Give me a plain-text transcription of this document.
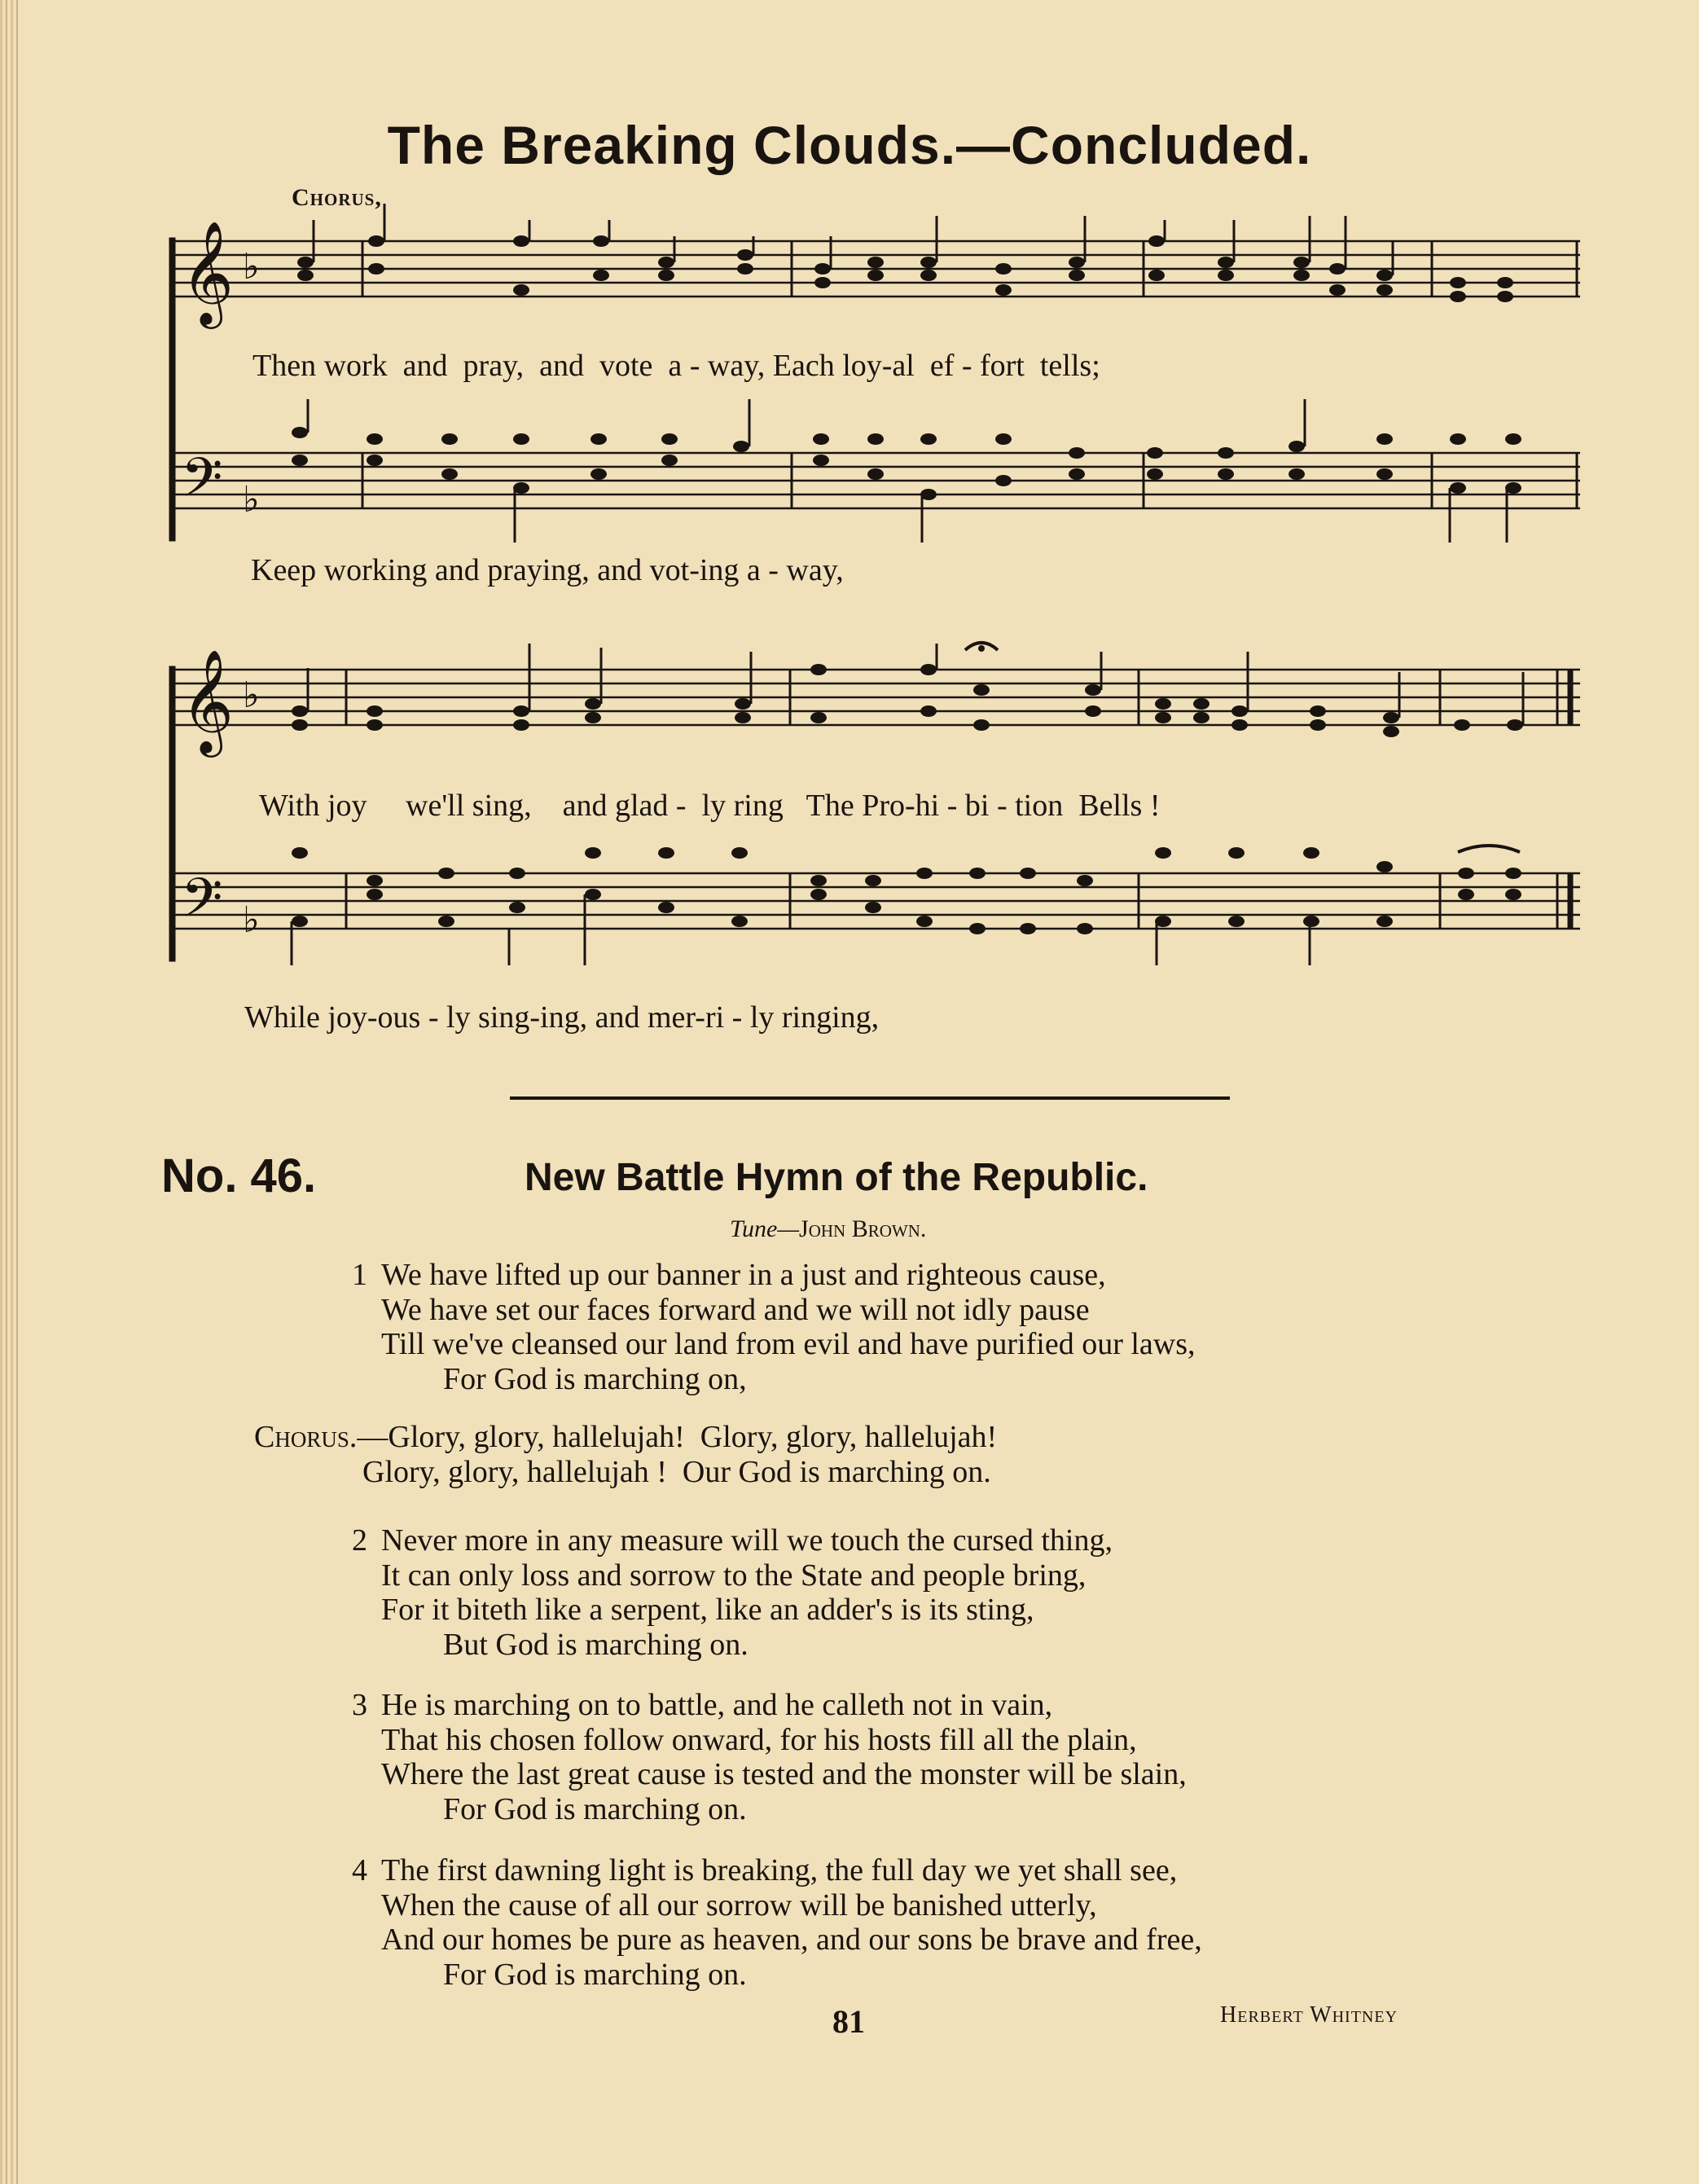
The Breaking Clouds.—Concluded.
Chorus,
𝄞
𝄢
♭
♭
𝄞
𝄢
♭
♭
Then work  and  pray,  and  vote  a - way, Each loy-al  ef - fort  tells;
Keep working and praying, and vot-ing a - way,
With joy     we'll sing,    and glad -  ly ring   The Pro-hi - bi - tion  Bells !
While joy-ous - ly sing-ing, and mer-ri - ly ringing,
No. 46.	New Battle Hymn of the Republic.
Tune—John Brown.
1 We have lifted up our banner in a just and righteous cause,
We have set our faces forward and we will not idly pause
Till we've cleansed our land from evil and have purified our laws,
For God is marching on,
Chorus.—Glory, glory, hallelujah!  Glory, glory, hallelujah!
Glory, glory, hallelujah !  Our God is marching on.
2 Never more in any measure will we touch the cursed thing,
It can only loss and sorrow to the State and people bring,
For it biteth like a serpent, like an adder's is its sting,
But God is marching on.
3 He is marching on to battle, and he calleth not in vain,
That his chosen follow onward, for his hosts fill all the plain,
Where the last great cause is tested and the monster will be slain,
For God is marching on.
4 The first dawning light is breaking, the full day we yet shall see,
When the cause of all our sorrow will be banished utterly,
And our homes be pure as heaven, and our sons be brave and free,
For God is marching on.
81	Herbert Whitney
